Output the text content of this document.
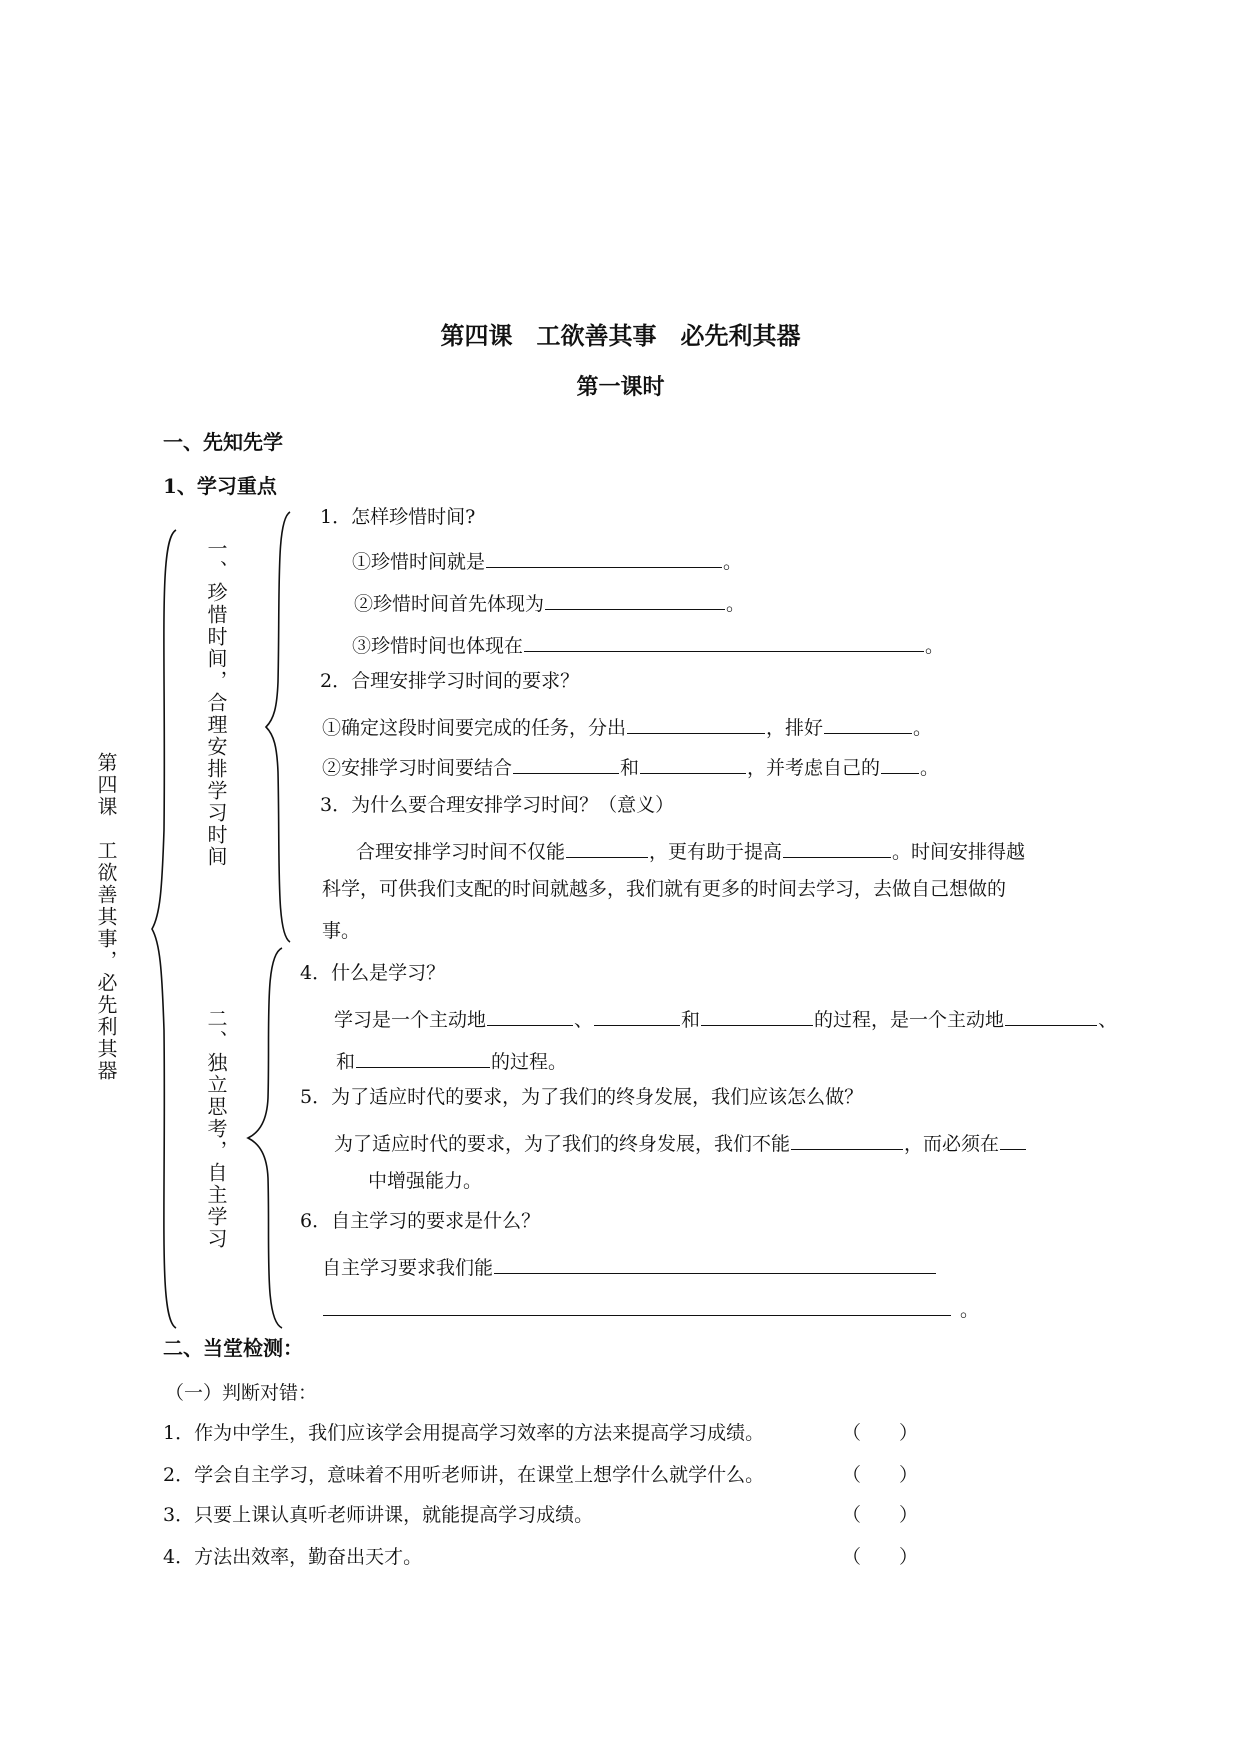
第四课　工欲善其事　必先利其器
第一课时
一、先知先学
1、学习重点
第四课　工欲善其事，必先利其器
一、珍惜时间，合理安排学习时间
二、独立思考，自主学习
1．怎样珍惜时间?
①珍惜时间就是	。
②珍惜时间首先体现为	。
③珍惜时间也体现在	。
2．合理安排学习时间的要求？
①确定这段时间要完成的任务，分出	，排好	。
②安排学习时间要结合	和	，并考虑自己的 。
3．为什么要合理安排学习时间？（意义）
合理安排学习时间不仅能	，更有助于提高	。时间安排得越
科学，可供我们支配的时间就越多，我们就有更多的时间去学习，去做自己想做的
事。
4．什么是学习？
学习是一个主动地	、	和	的过程，是一个主动地	、
和	的过程。
5．为了适应时代的要求，为了我们的终身发展，我们应该怎么做？
为了适应时代的要求，为了我们的终身发展，我们不能	，而必须在
中增强能力。
6．自主学习的要求是什么？
自主学习要求我们能
。
二、当堂检测：
（一）判断对错：
1．作为中学生，我们应该学会用提高学习效率的方法来提高学习成绩。	（　　）
2．学会自主学习，意味着不用听老师讲，在课堂上想学什么就学什么。	（　　）
3．只要上课认真听老师讲课，就能提高学习成绩。	（　　）
4．方法出效率，勤奋出天才。	（　　）
